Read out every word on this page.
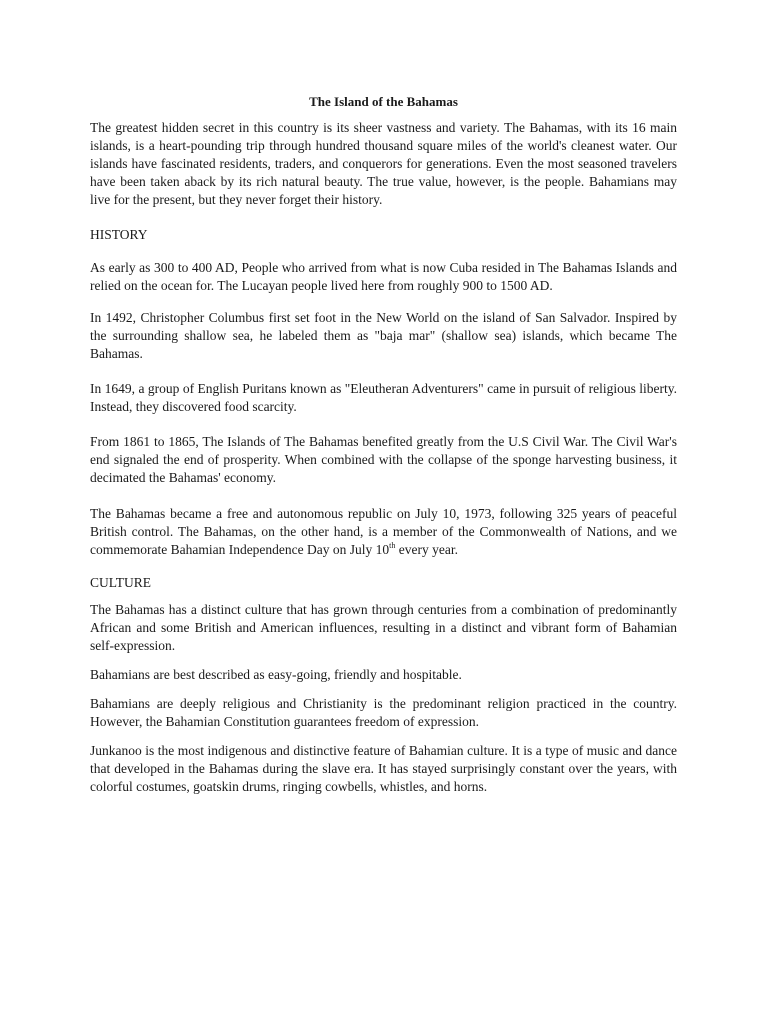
The Island of the Bahamas

The greatest hidden secret in this country is its sheer vastness and variety. The Bahamas, with its 16 main islands, is a heart-pounding trip through hundred thousand square miles of the world's cleanest water. Our islands have fascinated residents, traders, and conquerors for generations. Even the most seasoned travelers have been taken aback by its rich natural beauty. The true value, however, is the people. Bahamians may live for the present, but they never forget their history.

HISTORY

As early as 300 to 400 AD, People who arrived from what is now Cuba resided in The Bahamas Islands and relied on the ocean for. The Lucayan people lived here from roughly 900 to 1500 AD.

In 1492, Christopher Columbus first set foot in the New World on the island of San Salvador. Inspired by the surrounding shallow sea, he labeled them as "baja mar" (shallow sea) islands, which became The Bahamas.

In 1649, a group of English Puritans known as "Eleutheran Adventurers" came in pursuit of religious liberty. Instead, they discovered food scarcity.

From 1861 to 1865, The Islands of The Bahamas benefited greatly from the U.S Civil War. The Civil War's end signaled the end of prosperity. When combined with the collapse of the sponge harvesting business, it decimated the Bahamas' economy.

The Bahamas became a free and autonomous republic on July 10, 1973, following 325 years of peaceful British control. The Bahamas, on the other hand, is a member of the Commonwealth of Nations, and we commemorate Bahamian Independence Day on July 10th every year.

CULTURE

The Bahamas has a distinct culture that has grown through centuries from a combination of predominantly African and some British and American influences, resulting in a distinct and vibrant form of Bahamian self-expression.

Bahamians are best described as easy-going, friendly and hospitable.

Bahamians are deeply religious and Christianity is the predominant religion practiced in the country. However, the Bahamian Constitution guarantees freedom of expression.

Junkanoo is the most indigenous and distinctive feature of Bahamian culture. It is a type of music and dance that developed in the Bahamas during the slave era. It has stayed surprisingly constant over the years, with colorful costumes, goatskin drums, ringing cowbells, whistles, and horns.
